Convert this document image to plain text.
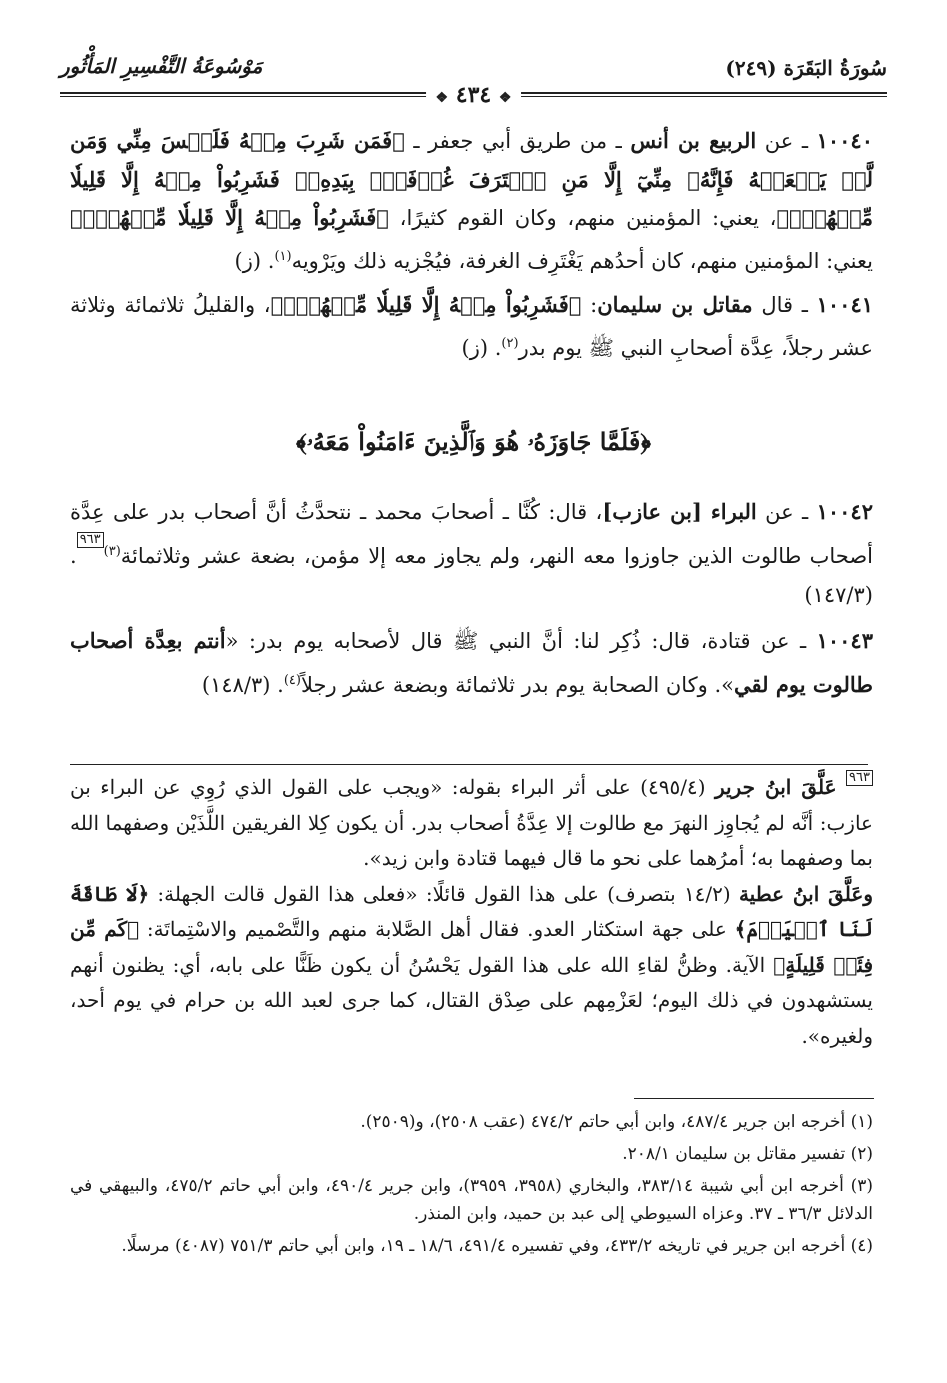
سُورَةُ البَقَرَة (٢٤٩)
مَوْسُوعَةُ التَّفْسِيرِ المَأْثُور
❖ ٤٣٤ ❖

١٠٠٤٠ ـ عن الربيع بن أنس ـ من طريق أبي جعفر ـ ﴿فَمَن شَرِبَ مِنۡهُ فَلَيۡسَ مِنِّي وَمَن لَّمۡ يَطۡعَمۡهُ فَإِنَّهُۥ مِنِّيٓ إِلَّا مَنِ ٱغۡتَرَفَ غُرۡفَةَۢ بِيَدِهِۦۚ فَشَرِبُواْ مِنۡهُ إِلَّا قَلِيلٗا مِّنۡهُمۡۚ﴾، يعني: المؤمنين منهم، وكان القوم كثيرًا، ﴿فَشَرِبُواْ مِنۡهُ إِلَّا قَلِيلٗا مِّنۡهُمۡۚ﴾ يعني: المؤمنين منهم، كان أحدُهم يَغْتَرِف الغرفة، فيُجْزيه ذلك ويَرْويه$^{(١)}$. (ز)

١٠٠٤١ ـ قال مقاتل بن سليمان: ﴿فَشَرِبُواْ مِنۡهُ إِلَّا قَلِيلٗا مِّنۡهُمۡۚ﴾، والقليلُ ثلاثمائة وثلاثة عشر رجلاً، عِدَّة أصحابِ النبي ﷺ يوم بدر$^{(٢)}$. (ز)

﴿فَلَمَّا جَاوَزَهُۥ هُوَ وَٱلَّذِينَ ءَامَنُواْ مَعَهُۥ﴾

١٠٠٤٢ ـ عن البراء [بن عازب]، قال: كُنَّا ـ أصحابَ محمد ـ نتحدَّثُ أنَّ أصحاب بدر على عِدَّة أصحاب طالوت الذين جاوزوا معه النهر، ولم يجاوز معه إلا مؤمن، بضعة عشر وثلاثمائة$^{(٣)}$٩٦٣. (١٤٧/٣)

١٠٠٤٣ ـ عن قتادة، قال: ذُكِر لنا: أنَّ النبي ﷺ قال لأصحابه يوم بدر: «أنتم بعِدَّة أصحاب طالوت يوم لقي». وكان الصحابة يوم بدر ثلاثمائة وبضعة عشر رجلاً$^{(٤)}$. (١٤٨/٣)

٩٦٣ عَلَّقَ ابنُ جرير (٤٩٥/٤) على أثر البراء بقوله: «ويجب على القول الذي رُوِي عن البراء بن عازب: أنَّه لم يُجاوِز النهرَ مع طالوت إلا عِدَّةُ أصحاب بدر. أن يكون كِلا الفريقين اللَّذَيْن وصفهما الله بما وصفهما به؛ أمرُهما على نحو ما قال فيهما قتادة وابن زيد».
وعَلَّقَ ابنُ عطية (١٤/٢ بتصرف) على هذا القول قائلًا: «فعلى هذا القول قالت الجهلة: ﴿لَا طَاقَةَ لَنَا ٱلۡيَوۡمَ﴾ على جهة استكثار العدو. فقال أهل الصَّلابة منهم والتَّصْميم والاسْتِماتَة: ﴿كَم مِّن فِئَةٖ قَلِيلَةٍ﴾ الآية. وظنُّ لقاءِ الله على هذا القول يَحْسُنُ أن يكون ظَنًّا على بابه، أي: يظنون أنهم يستشهدون في ذلك اليوم؛ لعَزْمِهم على صِدْق القتال، كما جرى لعبد الله بن حرام في يوم أحد، ولغيره».

(١) أخرجه ابن جرير ٤٨٧/٤، وابن أبي حاتم ٤٧٤/٢ (عقب ٢٥٠٨)، و(٢٥٠٩).

(٢) تفسير مقاتل بن سليمان ٢٠٨/١.

(٣) أخرجه ابن أبي شيبة ٣٨٣/١٤، والبخاري (٣٩٥٨، ٣٩٥٩)، وابن جرير ٤٩٠/٤، وابن أبي حاتم ٤٧٥/٢، والبيهقي في الدلائل ٣٦/٣ ـ ٣٧. وعزاه السيوطي إلى عبد بن حميد، وابن المنذر.

(٤) أخرجه ابن جرير في تاريخه ٤٣٣/٢، وفي تفسيره ٤٩١/٤، ١٨/٦ ـ ١٩، وابن أبي حاتم ٧٥١/٣ (٤٠٨٧) مرسلًا.
